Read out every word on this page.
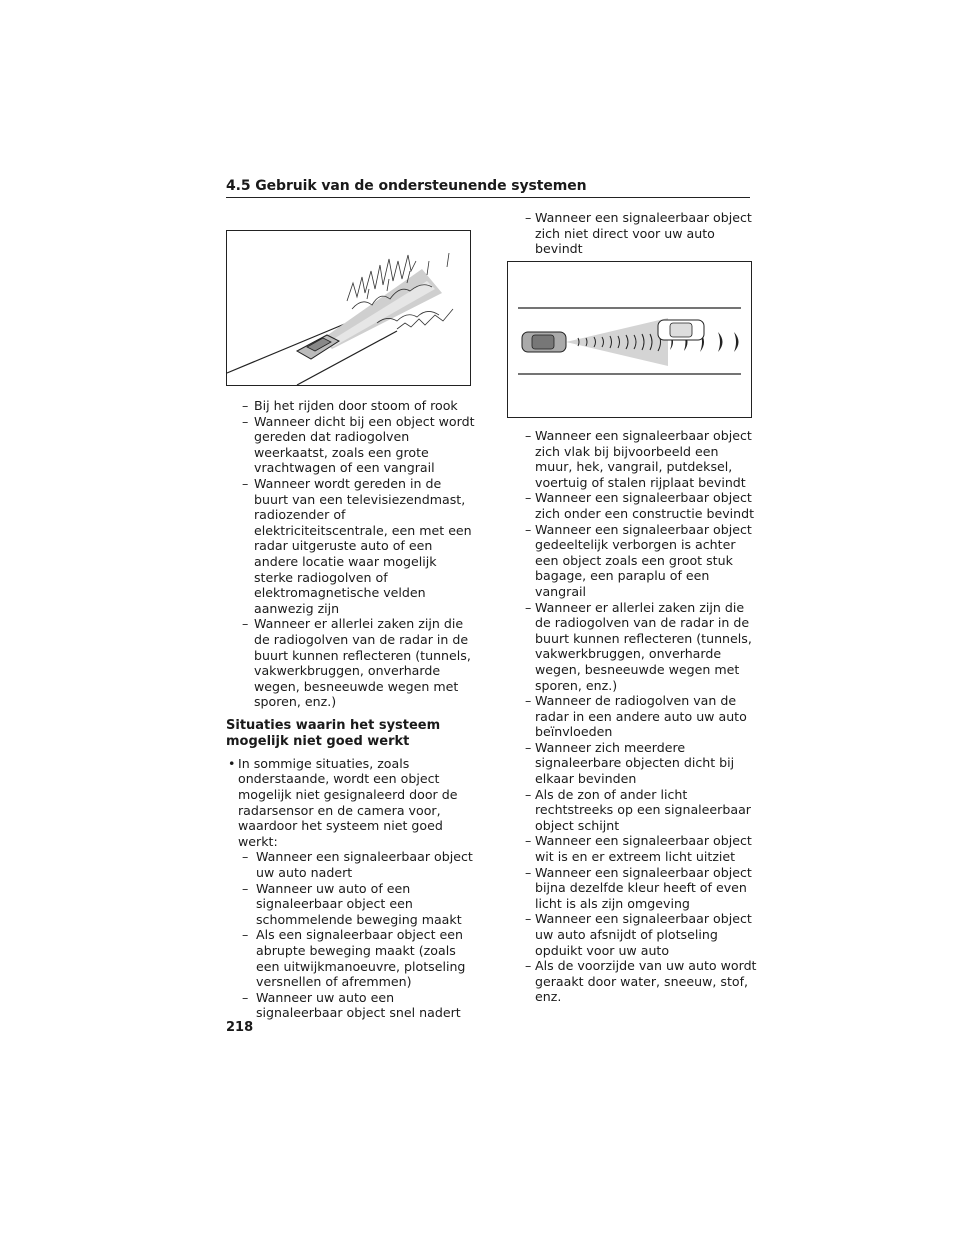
4.5 Gebruik van de ondersteunende systemen
– Bij het rijden door stoom of rook
– Wanneer dicht bij een object wordt gereden dat radiogolven weerkaatst, zoals een grote vrachtwagen of een vangrail
– Wanneer wordt gereden in de buurt van een televisiezendmast, radiozender of elektriciteitscentrale, een met een radar uitgeruste auto of een andere locatie waar mogelijk sterke radiogolven of elektromagnetische velden aanwezig zijn
– Wanneer er allerlei zaken zijn die de radiogolven van de radar in de buurt kunnen reflecteren (tunnels, vakwerkbruggen, onverharde wegen, besneeuwde wegen met sporen, enz.)
Situaties waarin het systeem mogelijk niet goed werkt
• In sommige situaties, zoals onderstaande, wordt een object mogelijk niet gesignaleerd door de radarsensor en de camera voor, waardoor het systeem niet goed werkt:
– Wanneer een signaleerbaar object uw auto nadert
– Wanneer uw auto of een signaleerbaar object een schommelende beweging maakt
– Als een signaleerbaar object een abrupte beweging maakt (zoals een uitwijkmanoeuvre, plotseling versnellen of afremmen)
– Wanneer uw auto een signaleerbaar object snel nadert
– Wanneer een signaleerbaar object zich niet direct voor uw auto bevindt
– Wanneer een signaleerbaar object zich vlak bij bijvoorbeeld een muur, hek, vangrail, putdeksel, voertuig of stalen rijplaat bevindt
– Wanneer een signaleerbaar object zich onder een constructie bevindt
– Wanneer een signaleerbaar object gedeeltelijk verborgen is achter een object zoals een groot stuk bagage, een paraplu of een vangrail
– Wanneer er allerlei zaken zijn die de radiogolven van de radar in de buurt kunnen reflecteren (tunnels, vakwerkbruggen, onverharde wegen, besneeuwde wegen met sporen, enz.)
– Wanneer de radiogolven van de radar in een andere auto uw auto beïnvloeden
– Wanneer zich meerdere signaleerbare objecten dicht bij elkaar bevinden
– Als de zon of ander licht rechtstreeks op een signaleerbaar object schijnt
– Wanneer een signaleerbaar object wit is en er extreem licht uitziet
– Wanneer een signaleerbaar object bijna dezelfde kleur heeft of even licht is als zijn omgeving
– Wanneer een signaleerbaar object uw auto afsnijdt of plotseling opduikt voor uw auto
– Als de voorzijde van uw auto wordt geraakt door water, sneeuw, stof, enz.
218
